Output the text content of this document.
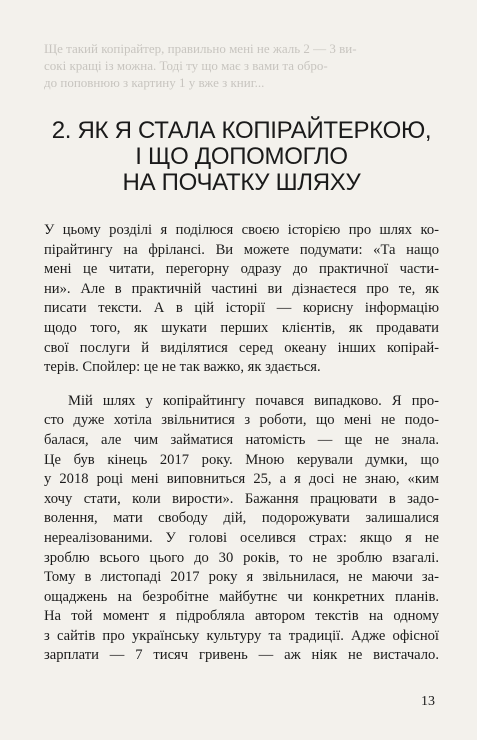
Ще такий копірайтер, правильно мені не жаль 2 — 3 ви-
сокі кращі із можна. Тоді ту що має з вами та обро-
до поповнюю з картину 1 у вже з книг...
2. ЯК Я СТАЛА КОПІРАЙТЕРКОЮ,
І ЩО ДОПОМОГЛО
НА ПОЧАТКУ ШЛЯХУ

У цьому розділі я поділюся своєю історією про шлях ко-
пірайтингу на фрілансі. Ви можете подумати: «Та нащо
мені це читати, перегорну одразу до практичної части-
ни». Але в практичній частині ви дізнаєтеся про те, як
писати тексти. А в цій історії — корисну інформацію
щодо того, як шукати перших клієнтів, як продавати
свої послуги й виділятися серед океану інших копірай-
терів. Спойлер: це не так важко, як здається.

Мій шлях у копірайтингу почався випадково. Я про-
сто дуже хотіла звільнитися з роботи, що мені не подо-
балася, але чим займатися натомість — ще не знала.
Це був кінець 2017 року. Мною керували думки, що
у 2018 році мені виповниться 25, а я досі не знаю, «ким
хочу стати, коли вирости». Бажання працювати в задо-
волення, мати свободу дій, подорожувати залишалися
нереалізованими. У голові оселився страх: якщо я не
зроблю всього цього до 30 років, то не зроблю взагалі.
Тому в листопаді 2017 року я звільнилася, не маючи за-
ощаджень на безробітне майбутнє чи конкретних планів.
На той момент я підробляла автором текстів на одному
з сайтів про українську культуру та традиції. Адже офісної
зарплати — 7 тисяч гривень — аж ніяк не вистачало.

13
